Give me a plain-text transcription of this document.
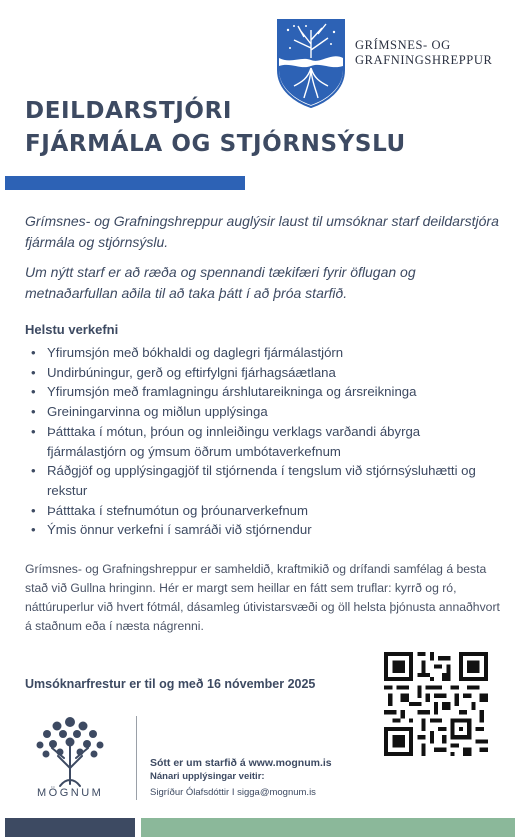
GRÍMSNES- OG
GRAFNINGSHREPPUR
DEILDARSTJÓRI
FJÁRMÁLA OG STJÓRNSÝSLU

Grímsnes- og Grafningshreppur auglýsir laust til umsóknar starf deildarstjóra fjármála og stjórnsýslu.

Um nýtt starf er að ræða og spennandi tækifæri fyrir öflugan og metnaðarfullan aðila til að taka þátt í að þróa starfið.

Helstu verkefni
• Yfirumsjón með bókhaldi og daglegri fjármálastjórn
• Undirbúningur, gerð og eftirfylgni fjárhagsáætlana
• Yfirumsjón með framlagningu árshlutareikninga og ársreikninga
• Greiningarvinna og miðlun upplýsinga
• Þátttaka í mótun, þróun og innleiðingu verklags varðandi ábyrga fjármálastjórn og ýmsum öðrum umbótaverkefnum
• Ráðgjöf og upplýsingagjöf til stjórnenda í tengslum við stjórnsýsluhætti og rekstur
• Þátttaka í stefnumótun og þróunarverkefnum
• Ýmis önnur verkefni í samráði við stjórnendur
Grímsnes- og Grafningshreppur er samheldið, kraftmikið og drífandi samfélag á besta stað við Gullna hringinn. Hér er margt sem heillar en fátt sem truflar: kyrrð og ró, náttúruperlur við hvert fótmál, dásamleg útivistarsvæði og öll helsta þjónusta annaðhvort á staðnum eða í næsta nágrenni.
Umsóknarfrestur er til og með 16 nóvember 2025
MÖGNUM
Sótt er um starfið á www.mognum.is
Nánari upplýsingar veitir:
Sigríður Ólafsdóttir I sigga@mognum.is
